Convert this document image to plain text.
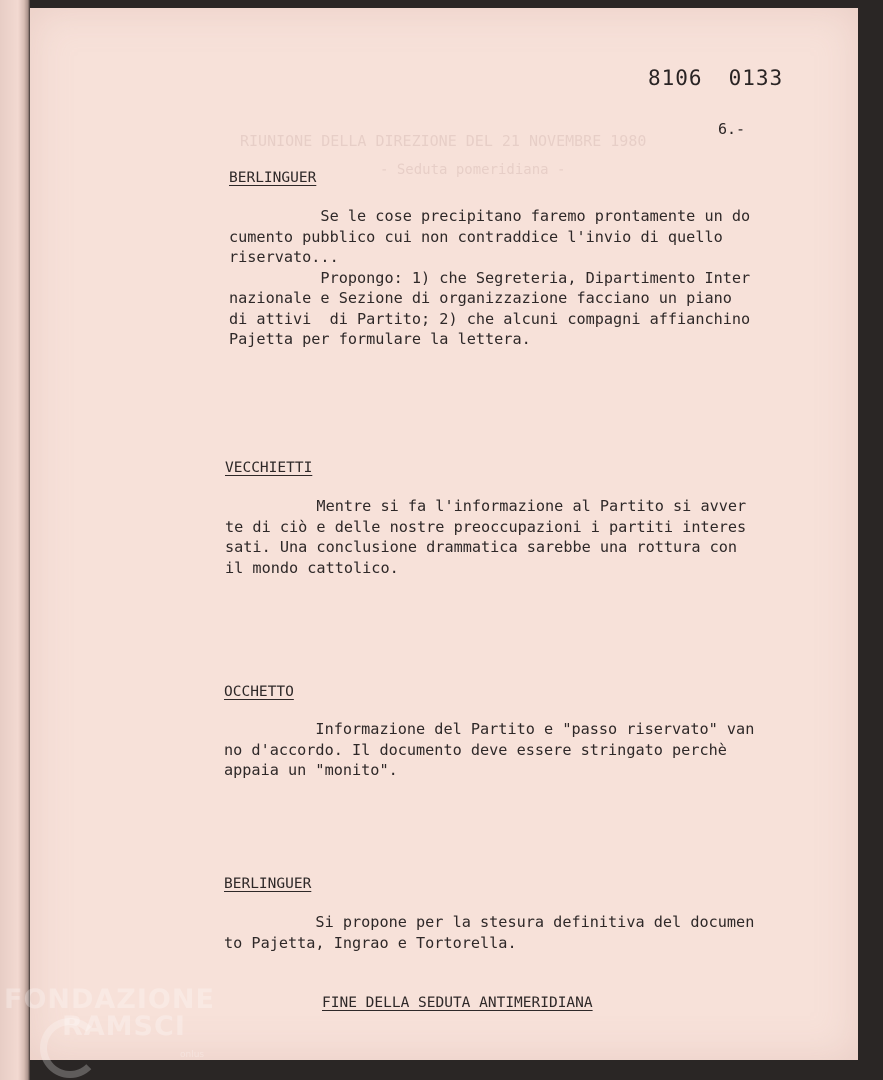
RIUNIONE DELLA DIREZIONE DEL 21 NOVEMBRE 1980
- Seduta pomeridiana -
8106 0133
6.-
BERLINGUER
Se le cose precipitano faremo prontamente un do
cumento pubblico cui non contraddice l'invio di quello
riservato...
Propongo: 1) che Segreteria, Dipartimento Inter
nazionale e Sezione di organizzazione facciano un piano
di attivi  di Partito; 2) che alcuni compagni affianchino
Pajetta per formulare la lettera.
VECCHIETTI
Mentre si fa l'informazione al Partito si avver
te di ciò e delle nostre preoccupazioni i partiti interes
sati. Una conclusione drammatica sarebbe una rottura con
il mondo cattolico.
OCCHETTO
Informazione del Partito e "passo riservato" van
no d'accordo. Il documento deve essere stringato perchè
appaia un "monito".
BERLINGUER
Si propone per la stesura definitiva del documen
to Pajetta, Ingrao e Tortorella.
FINE DELLA SEDUTA ANTIMERIDIANA
FONDAZIONE
RAMSCI
onlus
